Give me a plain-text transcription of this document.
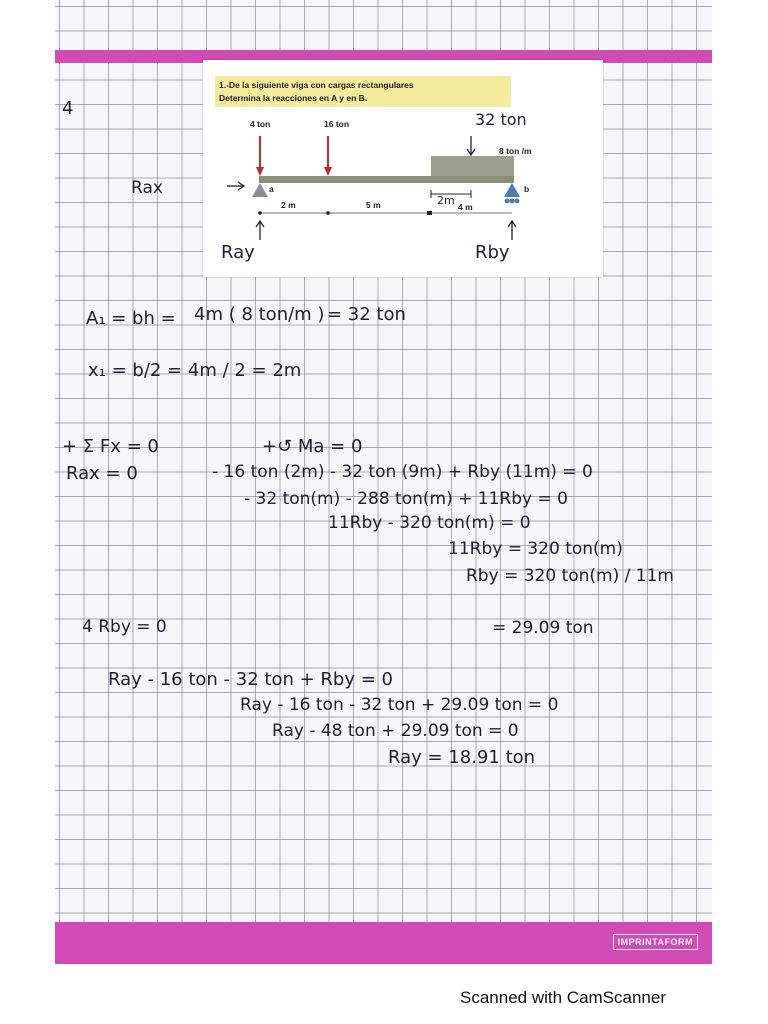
IMPRINTAFORM
4
1.-De la siguiente viga con cargas rectangulares
Determina la reacciones en A y en B.
4 ton	16 ton
8 ton /m
32 ton
a	b
2 m	5 m	4 m
2m
Ray	Rby
Rax
A₁ = bh = 4m ( 8 ton/m ) = 32 ton
x₁ = b/2 = 4m / 2 = 2m
+ Σ Fx = 0
Rax = 0
+↺ Ma = 0
- 16 ton (2m) - 32 ton (9m) + Rby (11m) = 0
- 32 ton(m) - 288 ton(m) + 11Rby = 0
11Rby - 320 ton(m) = 0
11Rby = 320 ton(m)
Rby = 320 ton(m) / 11m
4 Rby = 0	= 29.09 ton
Ray - 16 ton - 32 ton + Rby = 0
Ray - 16 ton - 32 ton + 29.09 ton = 0
Ray - 48 ton + 29.09 ton = 0
Ray = 18.91 ton
Scanned with CamScanner
